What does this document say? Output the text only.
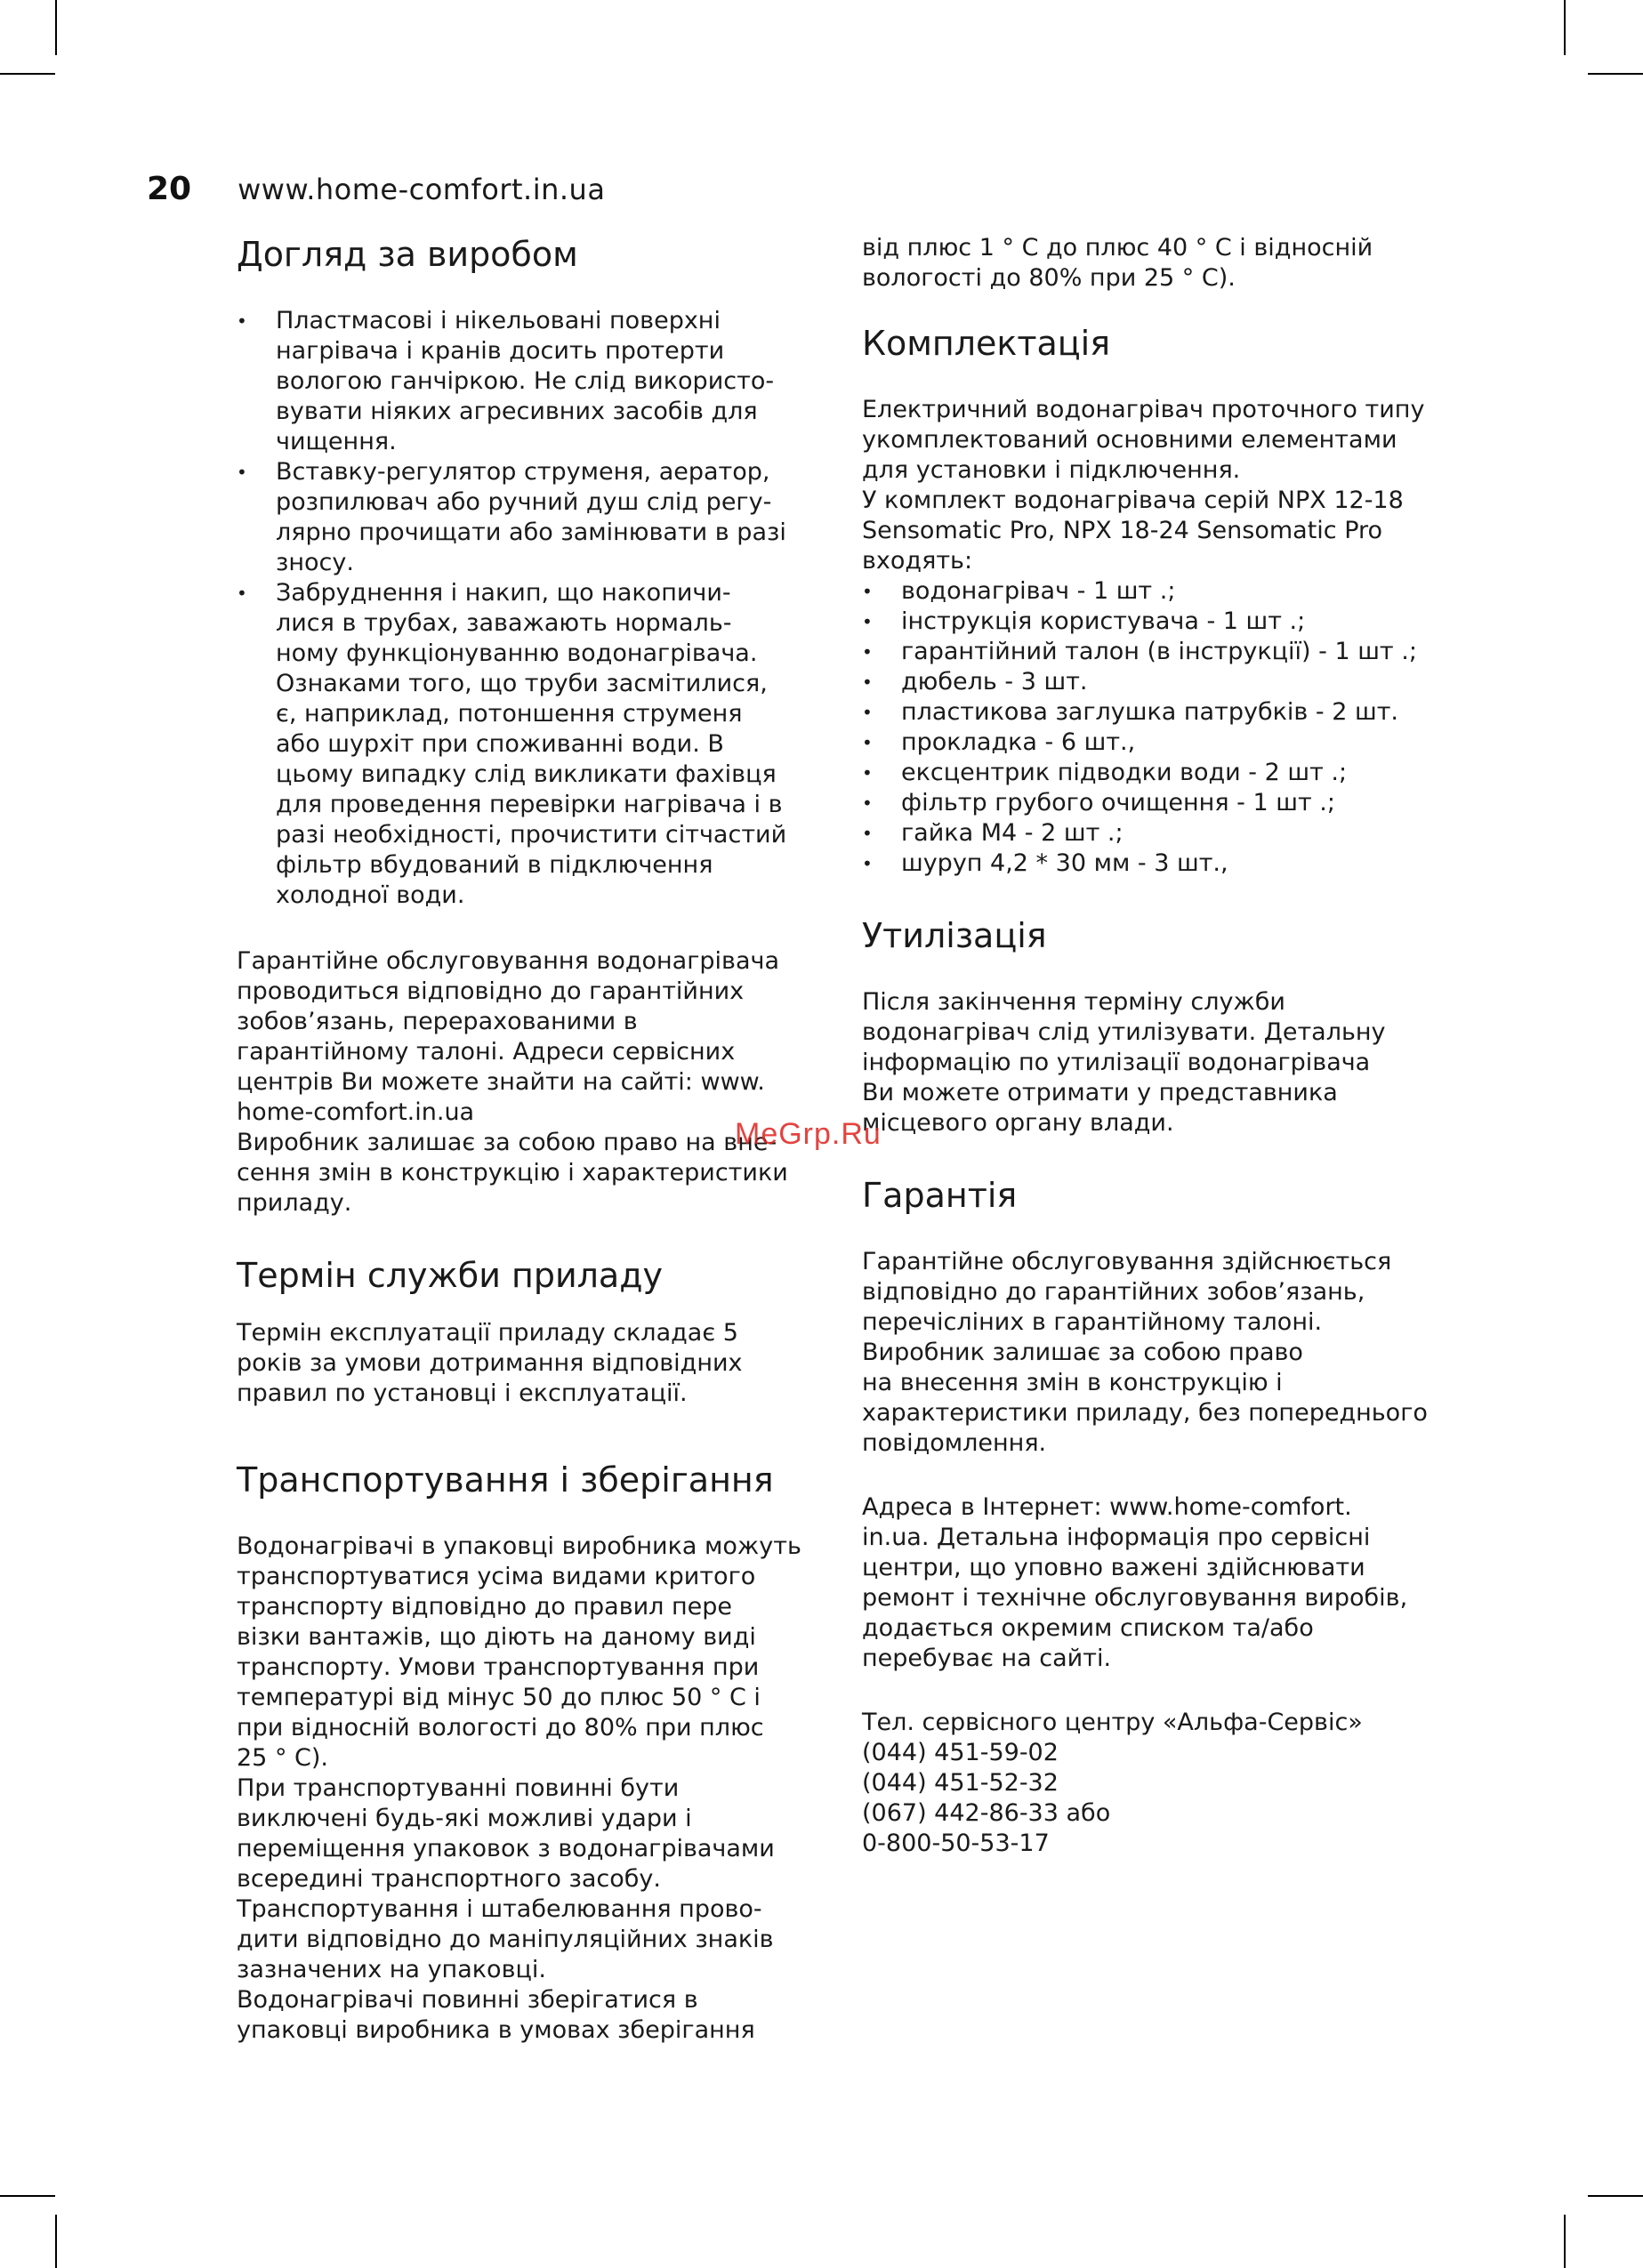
20 www.home-comfort.in.ua
Догляд за виробом
• Пластмасові і нікельовані поверхні
нагрівача і кранів досить протерти
вологою ганчіркою. Не слід використо-
вувати ніяких агресивних засобів для
чищення.
• Вставку-регулятор струменя, аератор,
розпилювач або ручний душ слід регу-
лярно прочищати або замінювати в разі
зносу.
• Забруднення і накип, що накопичи-
лися в трубах, заважають нормаль-
ному функціонуванню водонагрівача.
Ознаками того, що труби засмітилися,
є, наприклад, потоншення струменя
або шурхіт при споживанні води. В
цьому випадку слід викликати фахівця
для проведення перевірки нагрівача і в
разі необхідності, прочистити сітчастий
фільтр вбудований в підключення
холодної води.

Гарантійне обслуговування водонагрівача
проводиться відповідно до гарантійних
зобов’язань, перерахованими в
гарантійному талоні. Адреси сервісних
центрів Ви можете знайти на сайті: www.
home-comfort.in.ua
Виробник залишає за собою право на вне-
сення змін в конструкцію і характеристики
приладу.

Термін служби приладу

Термін експлуатації приладу складає 5
років за умови дотримання відповідних
правил по установці і експлуатації.

Транспортування і зберігання

Водонагрівачі в упаковці виробника можуть
транспортуватися усіма видами критого
транспорту відповідно до правил пере
візки вантажів, що діють на даному виді
транспорту. Умови транспортування при
температурі від мінус 50 до плюс 50 ° С і
при відносній вологості до 80% при плюс
25 ° С).
При транспортуванні повинні бути
виключені будь-які можливі удари і
переміщення упаковок з водонагрівачами
всередині транспортного засобу.
Транспортування і штабелювання прово-
дити відповідно до маніпуляційних знаків
зазначених на упаковці.
Водонагрівачі повинні зберігатися в
упаковці виробника в умовах зберігання

від плюс 1 ° С до плюс 40 ° С і відносній
вологості до 80% при 25 ° С).

Комплектація

Електричний водонагрівач проточного типу
укомплектований основними елементами
для установки і підключення.
У комплект водонагрівача серій NPX 12-18
Sensomatic Pro, NPX 18-24 Sensomatic Pro
входять:

• водонагрівач - 1 шт .;
• інструкція користувача - 1 шт .;
• гарантійний талон (в інструкції) - 1 шт .;
• дюбель - 3 шт.
• пластикова заглушка патрубків - 2 шт.
• прокладка - 6 шт.,
• ексцентрик підводки води - 2 шт .;
• фільтр грубого очищення - 1 шт .;
• гайка М4 - 2 шт .;
• шуруп 4,2 * 30 мм - 3 шт.,
Утилізація

Після закінчення терміну служби
водонагрівач слід утилізувати. Детальну
інформацію по утилізації водонагрівача
Ви можете отримати у представника
місцевого органу влади.

Гарантія

Гарантійне обслуговування здійснюється
відповідно до гарантійних зобов’язань,
перечісліних в гарантійному талоні.
Виробник залишає за собою право
на внесення змін в конструкцію і
характеристики приладу, без попереднього
повідомлення.

Адреса в Інтернет: www.home-comfort.
in.ua. Детальна інформація про сервісні
центри, що уповно важені здійснювати
ремонт і технічне обслуговування виробів,
додається окремим списком та/або
перебуває на сайті.

Тел. сервісного центру «Альфа-Сервіс»
(044) 451-59-02
(044) 451-52-32
(067) 442-86-33 або
0-800-50-53-17

MeGrp.Ru
